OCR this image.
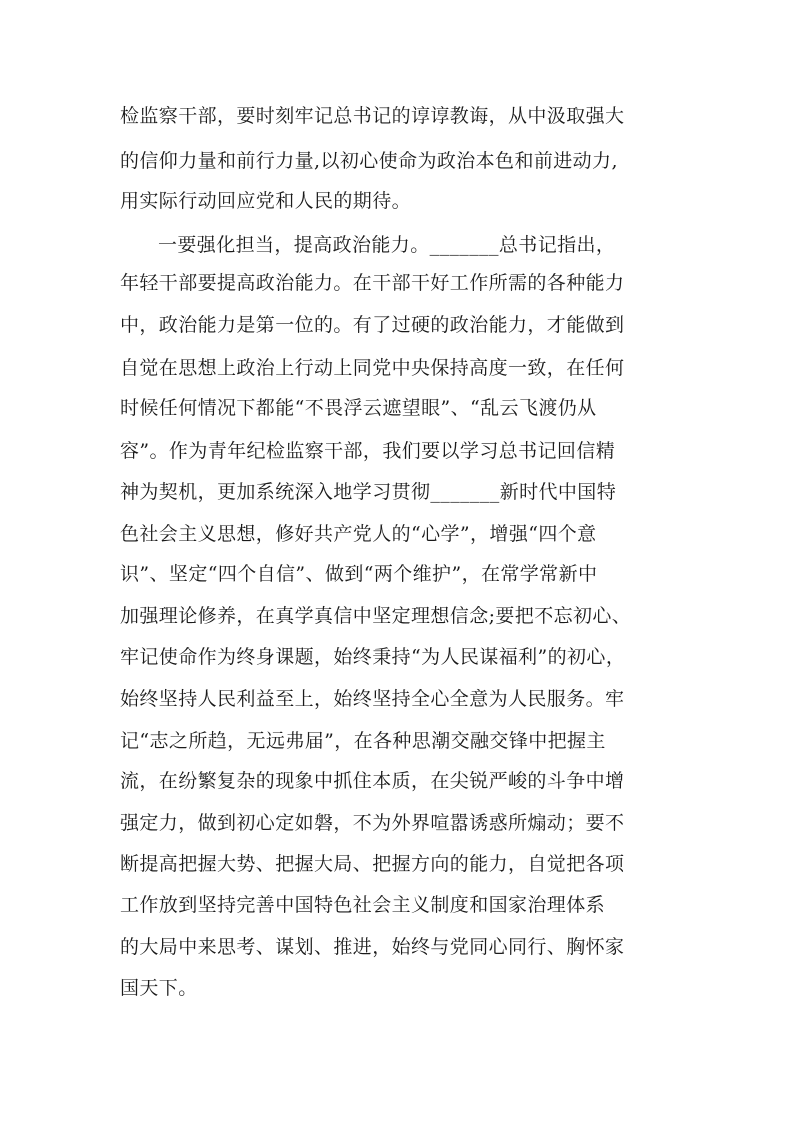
检监察干部，要时刻牢记总书记的谆谆教诲，从中汲取强大
的信仰力量和前行力量,以初心使命为政治本色和前进动力,
用实际行动回应党和人民的期待。
一要强化担当，提高政治能力。_______总书记指出，
年轻干部要提高政治能力。在干部干好工作所需的各种能力
中，政治能力是第一位的。有了过硬的政治能力，才能做到
自觉在思想上政治上行动上同党中央保持高度一致，在任何
时候任何情况下都能“不畏浮云遮望眼”、“乱云飞渡仍从
容”。作为青年纪检监察干部，我们要以学习总书记回信精
神为契机，更加系统深入地学习贯彻_______新时代中国特
色社会主义思想，修好共产党人的“心学”，增强“四个意
识”、坚定“四个自信”、做到“两个维护”，在常学常新中
加强理论修养，在真学真信中坚定理想信念;要把不忘初心、
牢记使命作为终身课题，始终秉持“为人民谋福利”的初心，
始终坚持人民利益至上，始终坚持全心全意为人民服务。牢
记“志之所趋，无远弗届”，在各种思潮交融交锋中把握主
流，在纷繁复杂的现象中抓住本质，在尖锐严峻的斗争中增
强定力，做到初心定如磐，不为外界喧嚣诱惑所煽动；要不
断提高把握大势、把握大局、把握方向的能力，自觉把各项
工作放到坚持完善中国特色社会主义制度和国家治理体系
的大局中来思考、谋划、推进，始终与党同心同行、胸怀家
国天下。
